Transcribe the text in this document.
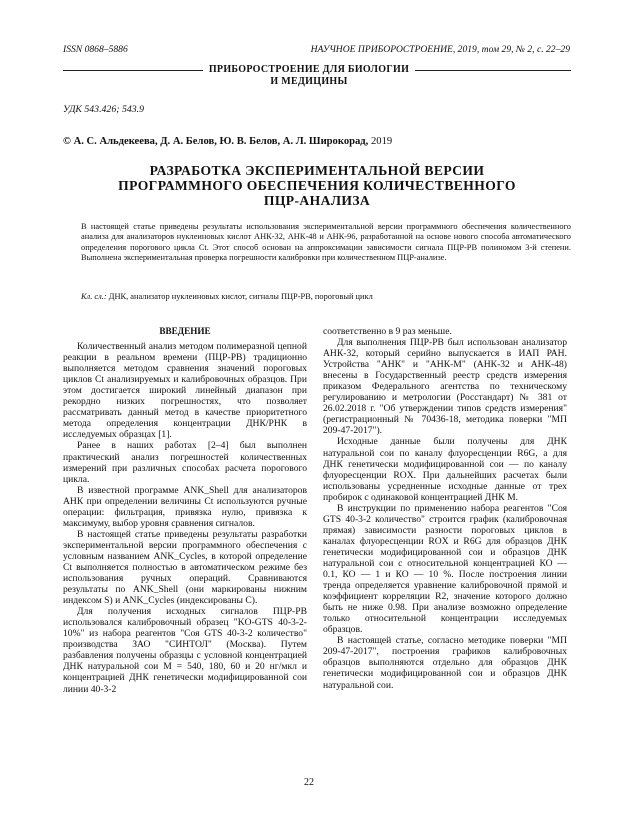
ISSN 0868–5886	НАУЧНОЕ ПРИБОРОСТРОЕНИЕ, 2019, том 29, № 2, с. 22–29
ПРИБОРОСТРОЕНИЕ ДЛЯ БИОЛОГИИ
И МЕДИЦИНЫ
УДК 543.426; 543.9
© А. С. Альдекеева, Д. А. Белов, Ю. В. Белов, А. Л. Широкорад, 2019
РАЗРАБОТКА ЭКСПЕРИМЕНТАЛЬНОЙ ВЕРСИИ
ПРОГРАММНОГО ОБЕСПЕЧЕНИЯ КОЛИЧЕСТВЕННОГО
ПЦР-АНАЛИЗА
В настоящей статье приведены результаты использования экспериментальной версии программного обеспечения количественного анализа для анализаторов нуклеиновых кислот АНК-32, АНК-48 и АНК-96, разработанной на основе нового способа автоматического определения порогового цикла Ct. Этот способ основан на аппроксимации зависимости сигнала ПЦР-РВ полиномом 3-й степени. Выполнена экспериментальная проверка погрешности калибровки при количественном ПЦР-анализе.
Кл. сл.: ДНК, анализатор нуклеиновых кислот, сигналы ПЦР-РВ, пороговый цикл

ВВЕДЕНИЕ

Количественный анализ методом полимеразной цепной реакции в реальном времени (ПЦР-РВ) традиционно выполняется методом сравнения значений пороговых циклов Ct анализируемых и калибровочных образцов. При этом достигается широкий линейный диапазон при рекордно низких погрешностях, что позволяет рассматривать данный метод в качестве приоритетного метода определения концентрации ДНК/РНК в исследуемых образцах [1].

Ранее в наших работах [2–4] был выполнен практический анализ погрешностей количественных измерений при различных способах расчета порогового цикла.

В известной программе ANK_Shell для анализаторов АНК при определении величины Ct используются ручные операции: фильтрация, привязка нулю, привязка к максимуму, выбор уровня сравнения сигналов.

В настоящей статье приведены результаты разработки экспериментальной версии программного обеспечения с условным названием ANK_Cycles, в которой определение Ct выполняется полностью в автоматическом режиме без использования ручных операций. Сравниваются результаты по ANK_Shell (они маркированы нижним индексом S) и ANK_Cycles (индексированы C).

Для получения исходных сигналов ПЦР-РВ использовался калибровочный образец "KO-GTS 40-3-2-10%" из набора реагентов "Соя GTS 40-3-2 количество" производства ЗАО "СИНТОЛ" (Москва). Путем разбавления получены образцы с условной концентрацией ДНК натуральной сои M = 540, 180, 60 и 20 нг/мкл и концентрацией ДНК генетически модифицированной сои линии 40-3-2

соответственно в 9 раз меньше.

Для выполнения ПЦР-РВ был использован анализатор АНК-32, который серийно выпускается в ИАП РАН. Устройства "АНК" и "АНК-М" (АНК-32 и АНК-48) внесены в Государственный реестр средств измерения приказом Федерального агентства по техническому регулированию и метрологии (Росстандарт) № 381 от 26.02.2018 г. "Об утверждении типов средств измерения" (регистрационный № 70436-18, методика поверки "МП 209-47-2017").

Исходные данные были получены для ДНК натуральной сои по каналу флуоресценции R6G, а для ДНК генетически модифицированной сои — по каналу флуоресценции ROX. При дальнейших расчетах были использованы усредненные исходные данные от трех пробирок с одинаковой концентрацией ДНК M.

В инструкции по применению набора реагентов "Соя GTS 40-3-2 количество" строится график (калибровочная прямая) зависимости разности пороговых циклов в каналах флуоресценции ROX и R6G для образцов ДНК генетически модифицированной сои и образцов ДНК натуральной сои с относительной концентрацией КО — 0.1, КО — 1 и КО — 10 %. После построения линии тренда определяется уравнение калибровочной прямой и коэффициент корреляции R2, значение которого должно быть не ниже 0.98. При анализе возможно определение только относительной концентрации исследуемых образцов.

В настоящей статье, согласно методике поверки "МП 209-47-2017", построения графиков калибровочных образцов выполняются отдельно для образцов ДНК генетически модифицированной сои и образцов ДНК натуральной сои.

22
